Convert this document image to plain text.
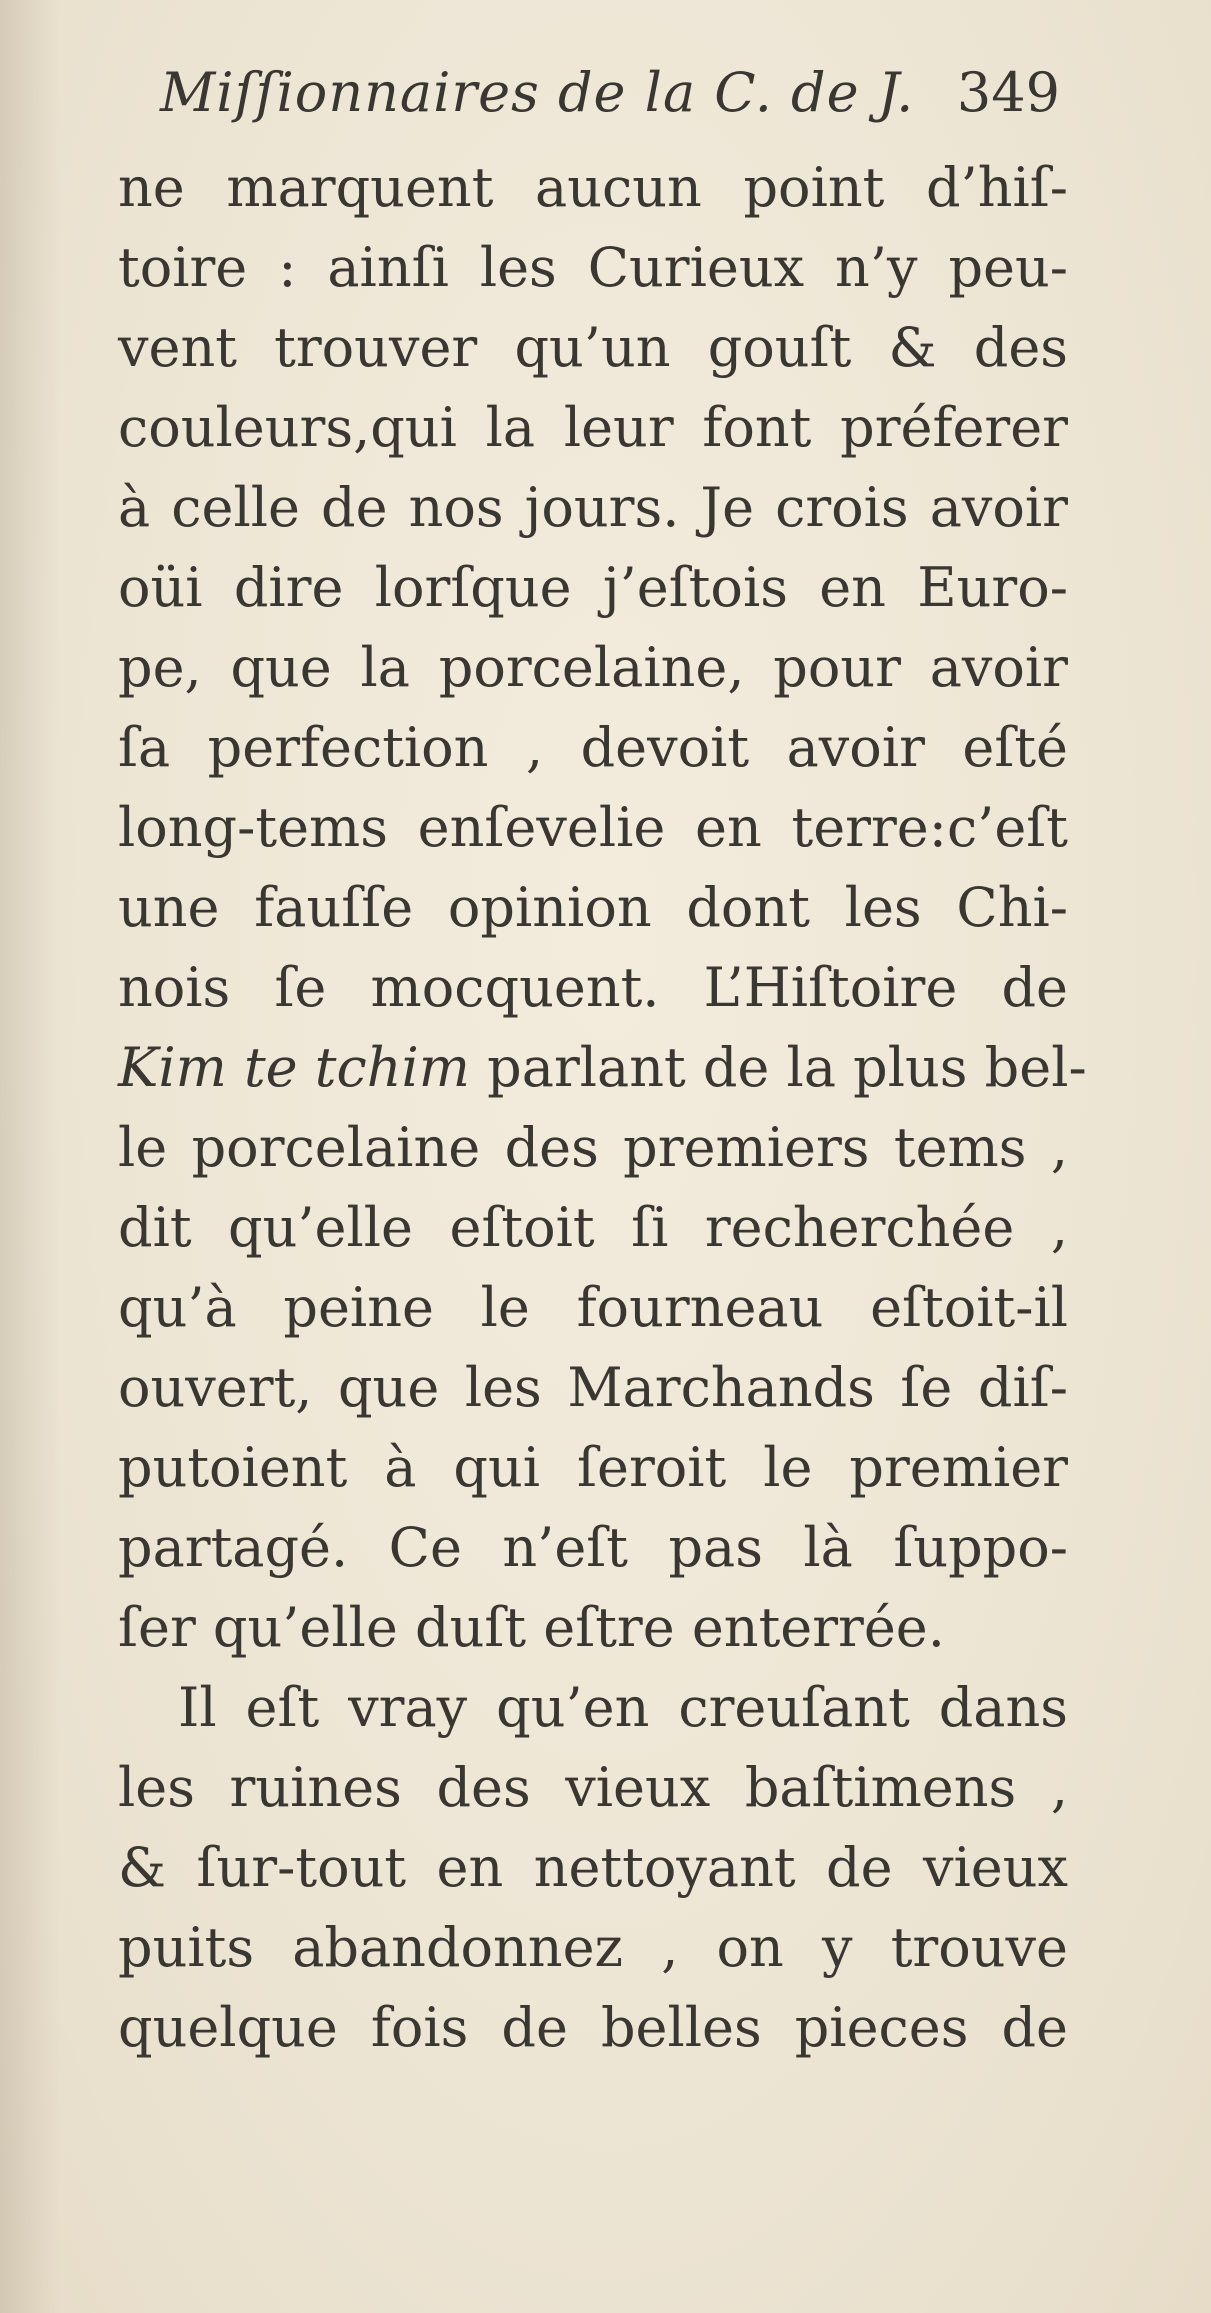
Miſſionnaires de la C. de J. 349
ne marquent aucun point d’hiſ-
toire : ainſi les Curieux n’y peu-
vent trouver qu’un gouſt & des
couleurs,qui la leur font préferer
à celle de nos jours. Je crois avoir
oüi dire lorſque j’eſtois en Euro-
pe, que la porcelaine, pour avoir
ſa perfection , devoit avoir eſté
long-tems enſevelie en terre:c’eſt
une fauſſe opinion dont les Chi-
nois ſe mocquent. L’Hiſtoire de
Kim te tchim parlant de la plus bel-
le porcelaine des premiers tems ,
dit qu’elle eſtoit ſi recherchée ,
qu’à peine le fourneau eſtoit-il
ouvert, que les Marchands ſe diſ-
putoient à qui ſeroit le premier
partagé. Ce n’eſt pas là ſuppo-
ſer qu’elle duſt eſtre enterrée.
Il eſt vray qu’en creuſant dans
les ruines des vieux baſtimens ,
& ſur-tout en nettoyant de vieux
puits abandonnez , on y trouve
quelque fois de belles pieces de
